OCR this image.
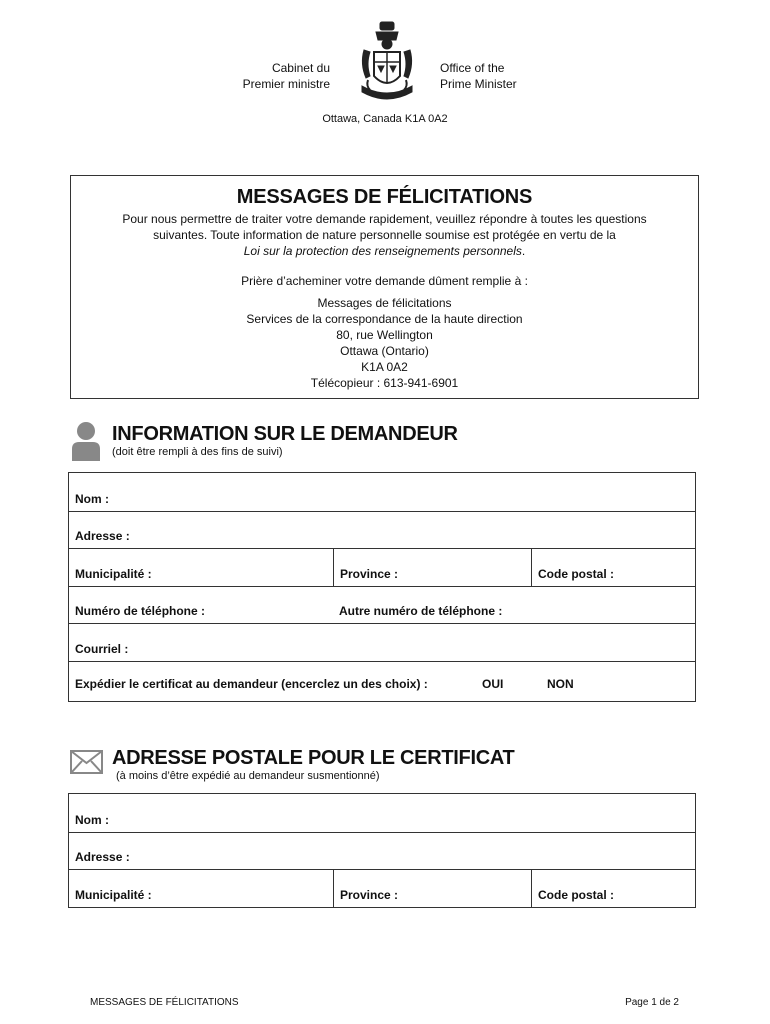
Cabinet du
Premier ministre
Office of the
Prime Minister
Ottawa, Canada K1A 0A2
MESSAGES DE FÉLICITATIONS
Pour nous permettre de traiter votre demande rapidement, veuillez répondre à toutes les questions
suivantes. Toute information de nature personnelle soumise est protégée en vertu de la
Loi sur la protection des renseignements personnels.
Prière d’acheminer votre demande dûment remplie à :
Messages de félicitations
Services de la correspondance de la haute direction
80, rue Wellington
Ottawa (Ontario)
K1A 0A2
Télécopieur : 613-941-6901
INFORMATION SUR LE DEMANDEUR
(doit être rempli à des fins de suivi)
Nom :
Adresse :
Municipalité :	Province :	Code postal :
Numéro de téléphone :	Autre numéro de téléphone :
Courriel :
Expédier le certificat au demandeur (encerclez un des choix) :	OUI	NON
ADRESSE POSTALE POUR LE CERTIFICAT
(à moins d’être expédié au demandeur susmentionné)
Nom :
Adresse :
Municipalité :	Province :	Code postal :
MESSAGES DE FÉLICITATIONS	Page 1 de 2
